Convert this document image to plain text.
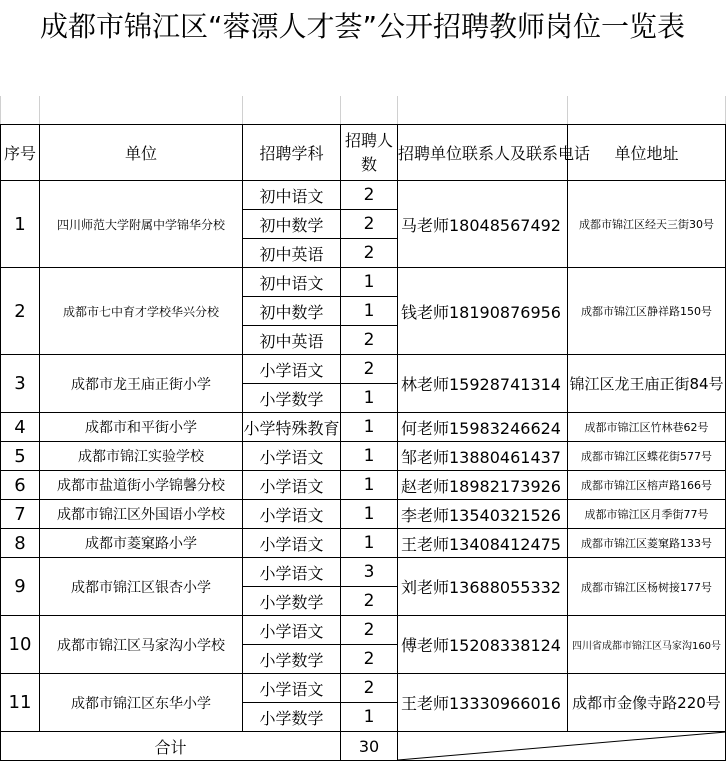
成都市锦江区“蓉漂人才荟”公开招聘教师岗位一览表

序号	单位	招聘学科	招聘人数	招聘单位联系人及联系电话	单位地址
1	四川师范大学附属中学锦华分校	初中语文	2	马老师18048567492	成都市锦江区经天三街30号
		初中数学	2		
		初中英语	2		
2	成都市七中育才学校华兴分校	初中语文	1	钱老师18190876956	成都市锦江区静祥路150号
		初中数学	1		
		初中英语	2		
3	成都市龙王庙正街小学	小学语文	2	林老师15928741314	锦江区龙王庙正街84号
		小学数学	1		
4	成都市和平街小学	小学特殊教育	1	何老师15983246624	成都市锦江区竹林巷62号
5	成都市锦江实验学校	小学语文	1	邹老师13880461437	成都市锦江区蝶花街577号
6	成都市盐道街小学锦馨分校	小学语文	1	赵老师18982173926	成都市锦江区榕声路166号
7	成都市锦江区外国语小学校	小学语文	1	李老师13540321526	成都市锦江区月季街77号
8	成都市菱窠路小学	小学语文	1	王老师13408412475	成都市锦江区菱窠路133号
9	成都市锦江区银杏小学	小学语文	3	刘老师13688055332	成都市锦江区杨树接177号
		小学数学	2		
10	成都市锦江区马家沟小学校	小学语文	2	傅老师15208338124	四川省成都市锦江区马家沟160号
		小学数学	2		
11	成都市锦江区东华小学	小学语文	2	王老师13330966016	成都市金像寺路220号
		小学数学	1		
合计			30	
